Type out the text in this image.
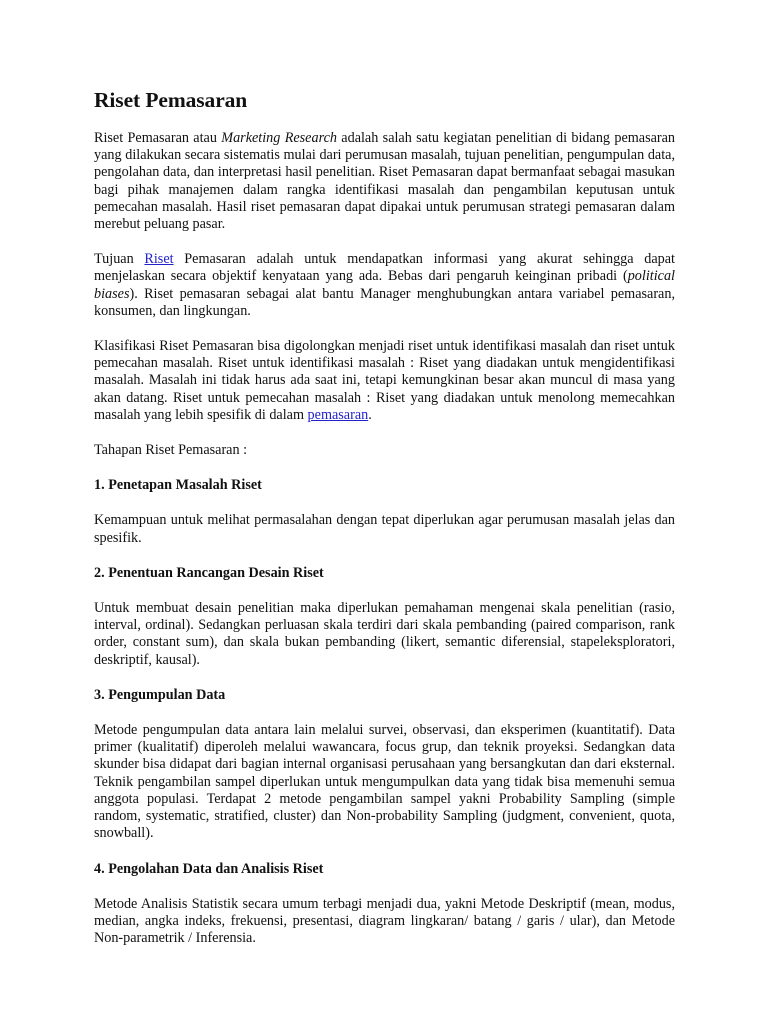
Riset Pemasaran

Riset Pemasaran atau Marketing Research adalah salah satu kegiatan penelitian di bidang pemasaran yang dilakukan secara sistematis mulai dari perumusan masalah, tujuan penelitian, pengumpulan data, pengolahan data, dan interpretasi hasil penelitian. Riset Pemasaran dapat bermanfaat sebagai masukan bagi pihak manajemen dalam rangka identifikasi masalah dan pengambilan keputusan untuk pemecahan masalah. Hasil riset pemasaran dapat dipakai untuk perumusan strategi pemasaran dalam merebut peluang pasar.

Tujuan Riset Pemasaran adalah untuk mendapatkan informasi yang akurat sehingga dapat menjelaskan secara objektif kenyataan yang ada. Bebas dari pengaruh keinginan pribadi (political biases). Riset pemasaran sebagai alat bantu Manager menghubungkan antara variabel pemasaran, konsumen, dan lingkungan.

Klasifikasi Riset Pemasaran bisa digolongkan menjadi riset untuk identifikasi masalah dan riset untuk pemecahan masalah. Riset untuk identifikasi masalah : Riset yang diadakan untuk mengidentifikasi masalah. Masalah ini tidak harus ada saat ini, tetapi kemungkinan besar akan muncul di masa yang akan datang. Riset untuk pemecahan masalah : Riset yang diadakan untuk menolong memecahkan masalah yang lebih spesifik di dalam pemasaran.

Tahapan Riset Pemasaran :

1. Penetapan Masalah Riset

Kemampuan untuk melihat permasalahan dengan tepat diperlukan agar perumusan masalah jelas dan spesifik.

2. Penentuan Rancangan Desain Riset

Untuk membuat desain penelitian maka diperlukan pemahaman mengenai skala penelitian (rasio, interval, ordinal). Sedangkan perluasan skala terdiri dari skala pembanding (paired comparison, rank order, constant sum), dan skala bukan pembanding (likert, semantic diferensial, stapeleksploratori, deskriptif, kausal).

3. Pengumpulan Data

Metode pengumpulan data antara lain melalui survei, observasi, dan eksperimen (kuantitatif). Data primer (kualitatif) diperoleh melalui wawancara, focus grup, dan teknik proyeksi. Sedangkan data skunder bisa didapat dari bagian internal organisasi perusahaan yang bersangkutan dan dari eksternal. Teknik pengambilan sampel diperlukan untuk mengumpulkan data yang tidak bisa memenuhi semua anggota populasi. Terdapat 2 metode pengambilan sampel yakni Probability Sampling (simple random, systematic, stratified, cluster) dan Non-probability Sampling (judgment, convenient, quota, snowball).

4. Pengolahan Data dan Analisis Riset

Metode Analisis Statistik secara umum terbagi menjadi dua, yakni Metode Deskriptif (mean, modus, median, angka indeks, frekuensi, presentasi, diagram lingkaran/ batang / garis / ular), dan Metode Non-parametrik / Inferensia.
